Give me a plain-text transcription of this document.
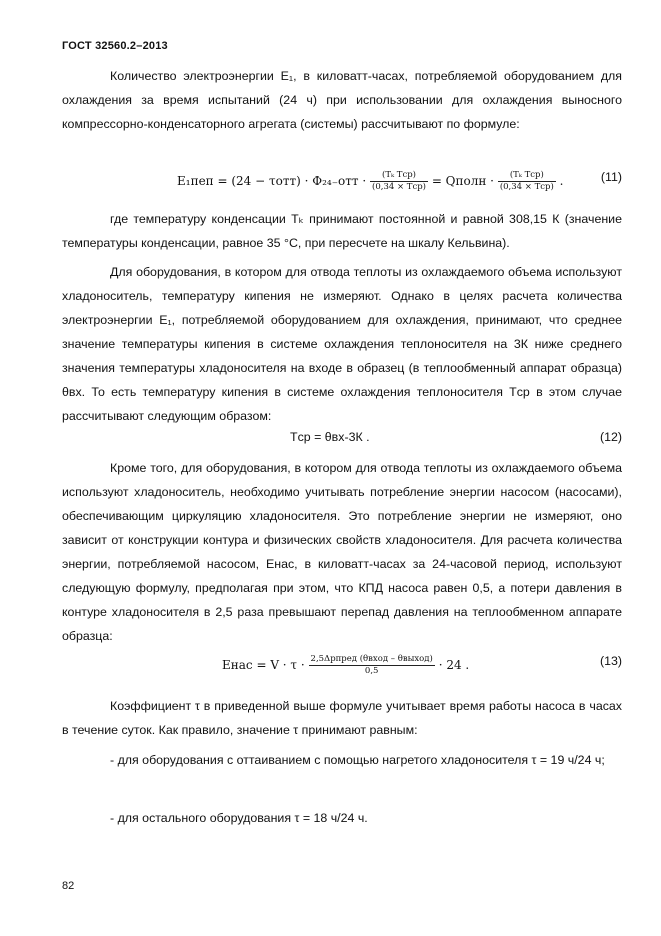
ГОСТ 32560.2–2013

Количество электроэнергии Е₁, в киловатт-часах, потребляемой оборудованием для охлаждения за время испытаний (24 ч) при использовании для охлаждения выносного компрессорно-конденсаторного агрегата (системы) рассчитывают по формуле:

$E_1пеп = (24 - \tau отт) \cdot \Phi_{24-}отт \cdot \frac{\text{(Tₖ Tср)}}{\text{(0,34 × Tср)}}$ = Qполн · $\frac{\text{(Tₖ Tср)}}{\text{(0,34 × Tср)}}$ .	(11)

где температуру конденсации Tₖ принимают постоянной и равной 308,15 К (значение температуры конденсации, равное 35 °С, при пересчете на шкалу Кельвина).

Для оборудования, в котором для отвода теплоты из охлаждаемого объема используют хладоноситель, температуру кипения не измеряют. Однако в целях расчета количества электроэнергии Е₁, потребляемой оборудованием для охлаждения, принимают, что среднее значение температуры кипения в системе охлаждения теплоносителя на 3К ниже среднего значения температуры хладоносителя на входе в образец (в теплообменный аппарат образца) θвх. То есть температуру кипения в системе охлаждения теплоносителя Tср в этом случае рассчитывают следующим образом:

Tср = θвх-3К .	(12)

Кроме того, для оборудования, в котором для отвода теплоты из охлаждаемого объема используют хладоноситель, необходимо учитывать потребление энергии насосом (насосами), обеспечивающим циркуляцию хладоносителя. Это потребление энергии не измеряют, оно зависит от конструкции контура и физических свойств хладоносителя. Для расчета количества энергии, потребляемой насосом, Eнас, в киловатт-часах за 24-часовой период, используют следующую формулу, предполагая при этом, что КПД насоса равен 0,5, а потери давления в контуре хладоносителя в 2,5 раза превышают перепад давления на теплообменном аппарате образца:

Eнас = $V \cdot \tau \cdot \frac{\text{2,5Δpпред (θвход – θвыход)}}{0,5} \cdot 24$ .	(13)

Коэффициент τ в приведенной выше формуле учитывает время работы насоса в часах в течение суток. Как правило, значение τ принимают равным:

- для оборудования с оттаиванием с помощью нагретого хладоносителя τ = 19 ч/24 ч;

- для остального оборудования τ = 18 ч/24 ч.

82
